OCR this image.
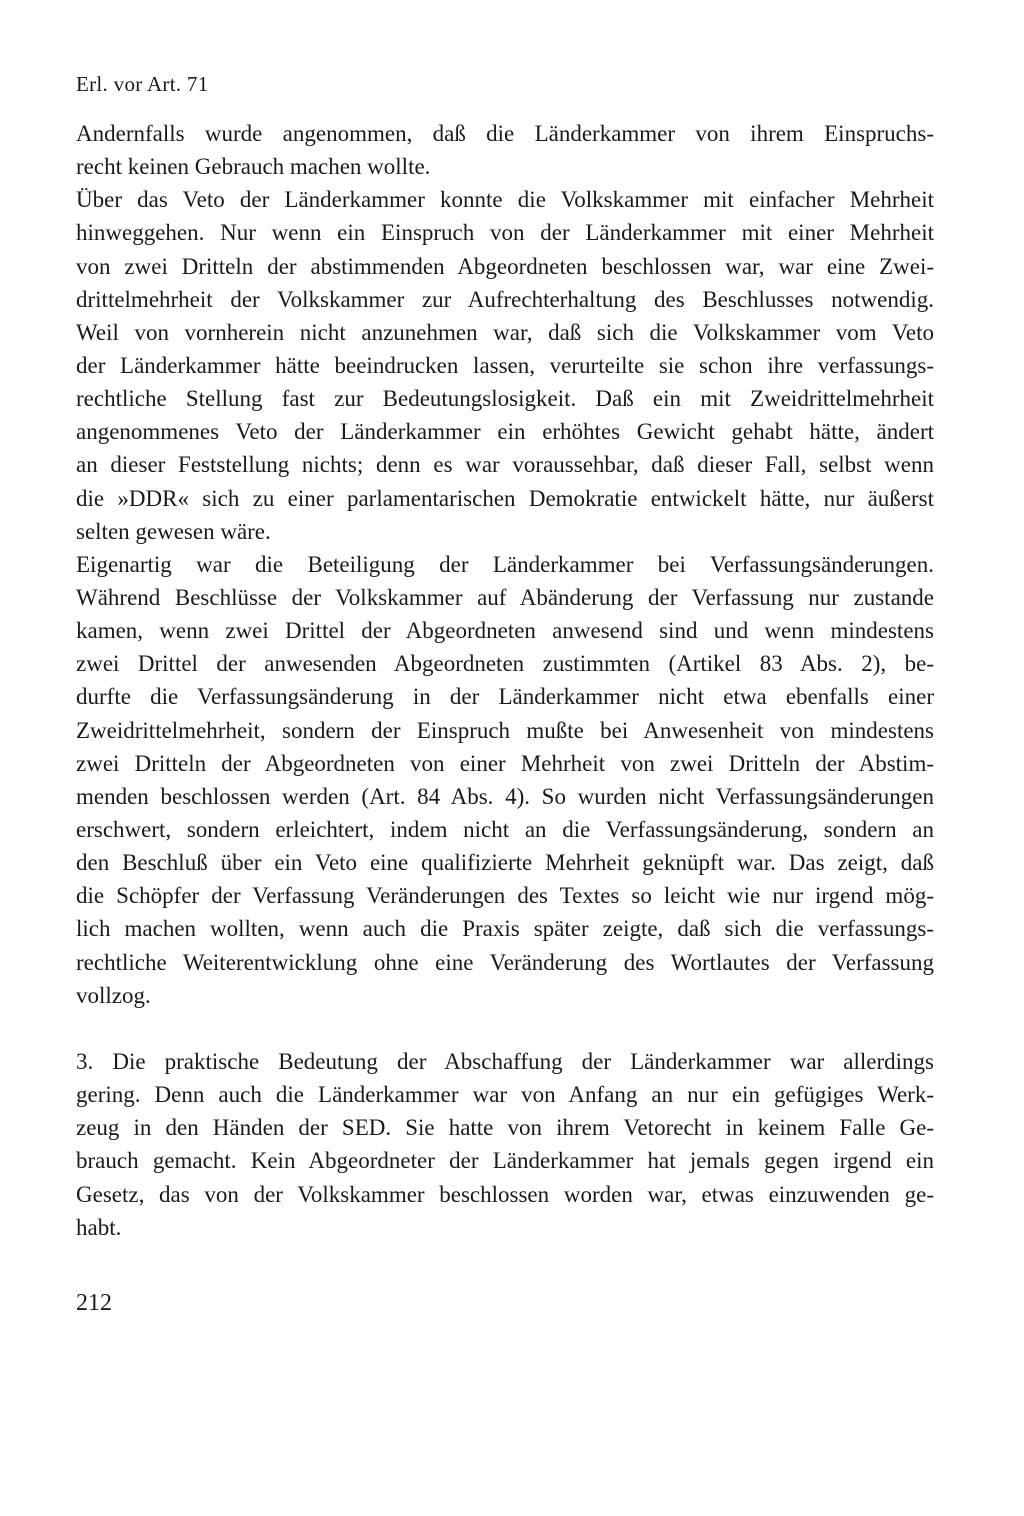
Erl. vor Art. 71
Andernfalls wurde angenommen, daß die Länderkammer von ihrem Einspruchs-
recht keinen Gebrauch machen wollte.
Über das Veto der Länderkammer konnte die Volkskammer mit einfacher Mehrheit
hinweggehen. Nur wenn ein Einspruch von der Länderkammer mit einer Mehrheit
von zwei Dritteln der abstimmenden Abgeordneten beschlossen war, war eine Zwei-
drittelmehrheit der Volkskammer zur Aufrechterhaltung des Beschlusses notwendig.
Weil von vornherein nicht anzunehmen war, daß sich die Volkskammer vom Veto
der Länderkammer hätte beeindrucken lassen, verurteilte sie schon ihre verfassungs-
rechtliche Stellung fast zur Bedeutungslosigkeit. Daß ein mit Zweidrittelmehrheit
angenommenes Veto der Länderkammer ein erhöhtes Gewicht gehabt hätte, ändert
an dieser Feststellung nichts; denn es war voraussehbar, daß dieser Fall, selbst wenn
die »DDR« sich zu einer parlamentarischen Demokratie entwickelt hätte, nur äußerst
selten gewesen wäre.
Eigenartig war die Beteiligung der Länderkammer bei Verfassungsänderungen.
Während Beschlüsse der Volkskammer auf Abänderung der Verfassung nur zustande
kamen, wenn zwei Drittel der Abgeordneten anwesend sind und wenn mindestens
zwei Drittel der anwesenden Abgeordneten zustimmten (Artikel 83 Abs. 2), be-
durfte die Verfassungsänderung in der Länderkammer nicht etwa ebenfalls einer
Zweidrittelmehrheit, sondern der Einspruch mußte bei Anwesenheit von mindestens
zwei Dritteln der Abgeordneten von einer Mehrheit von zwei Dritteln der Abstim-
menden beschlossen werden (Art. 84 Abs. 4). So wurden nicht Verfassungsänderungen
erschwert, sondern erleichtert, indem nicht an die Verfassungsänderung, sondern an
den Beschluß über ein Veto eine qualifizierte Mehrheit geknüpft war. Das zeigt, daß
die Schöpfer der Verfassung Veränderungen des Textes so leicht wie nur irgend mög-
lich machen wollten, wenn auch die Praxis später zeigte, daß sich die verfassungs-
rechtliche Weiterentwicklung ohne eine Veränderung des Wortlautes der Verfassung
vollzog.
3. Die praktische Bedeutung der Abschaffung der Länderkammer war allerdings
gering. Denn auch die Länderkammer war von Anfang an nur ein gefügiges Werk-
zeug in den Händen der SED. Sie hatte von ihrem Vetorecht in keinem Falle Ge-
brauch gemacht. Kein Abgeordneter der Länderkammer hat jemals gegen irgend ein
Gesetz, das von der Volkskammer beschlossen worden war, etwas einzuwenden ge-
habt.
212
